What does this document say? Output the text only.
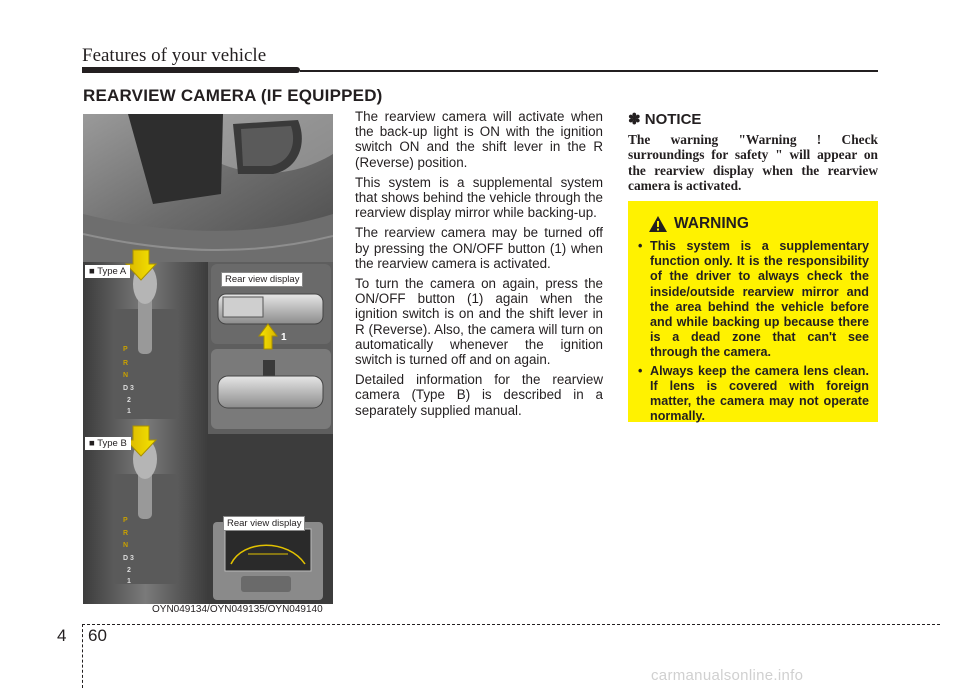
Features of your vehicle
REARVIEW CAMERA (IF EQUIPPED)
P
R
N
D 3
2
1
P
R
N
D 3
2
1
■ Type A
Rear view display
1
■ Type B
Rear view display
OYN049134/OYN049135/OYN049140

The rearview camera will activate when the back-up light is ON with the ignition switch ON and the shift lever in the R (Reverse) position.

This system is a supplemental system that shows behind the vehicle through the rearview display mirror while backing-up.

The rearview camera may be turned off by pressing the ON/OFF button (1) when the rearview camera is activated.

To turn the camera on again, press the ON/OFF button (1) again when the ignition switch is on and the shift lever in R (Reverse). Also, the camera will turn on automatically whenever the ignition switch is turned off and on again.

Detailed information for the rearview camera (Type B) is described in a separately supplied manual.

✽ NOTICE
The warning "Warning ! Check surroundings for safety " will appear on the rearview display when the rearview camera is activated.
WARNING
• This system is a supplementary function only. It is the responsibility of the driver to always check the inside/outside rearview mirror and the area behind the vehicle before and while backing up because there is a dead zone that can't see through the camera.
• Always keep the camera lens clean. If lens is covered with foreign matter, the camera may not operate normally.
4 60
carmanualsonline.info
